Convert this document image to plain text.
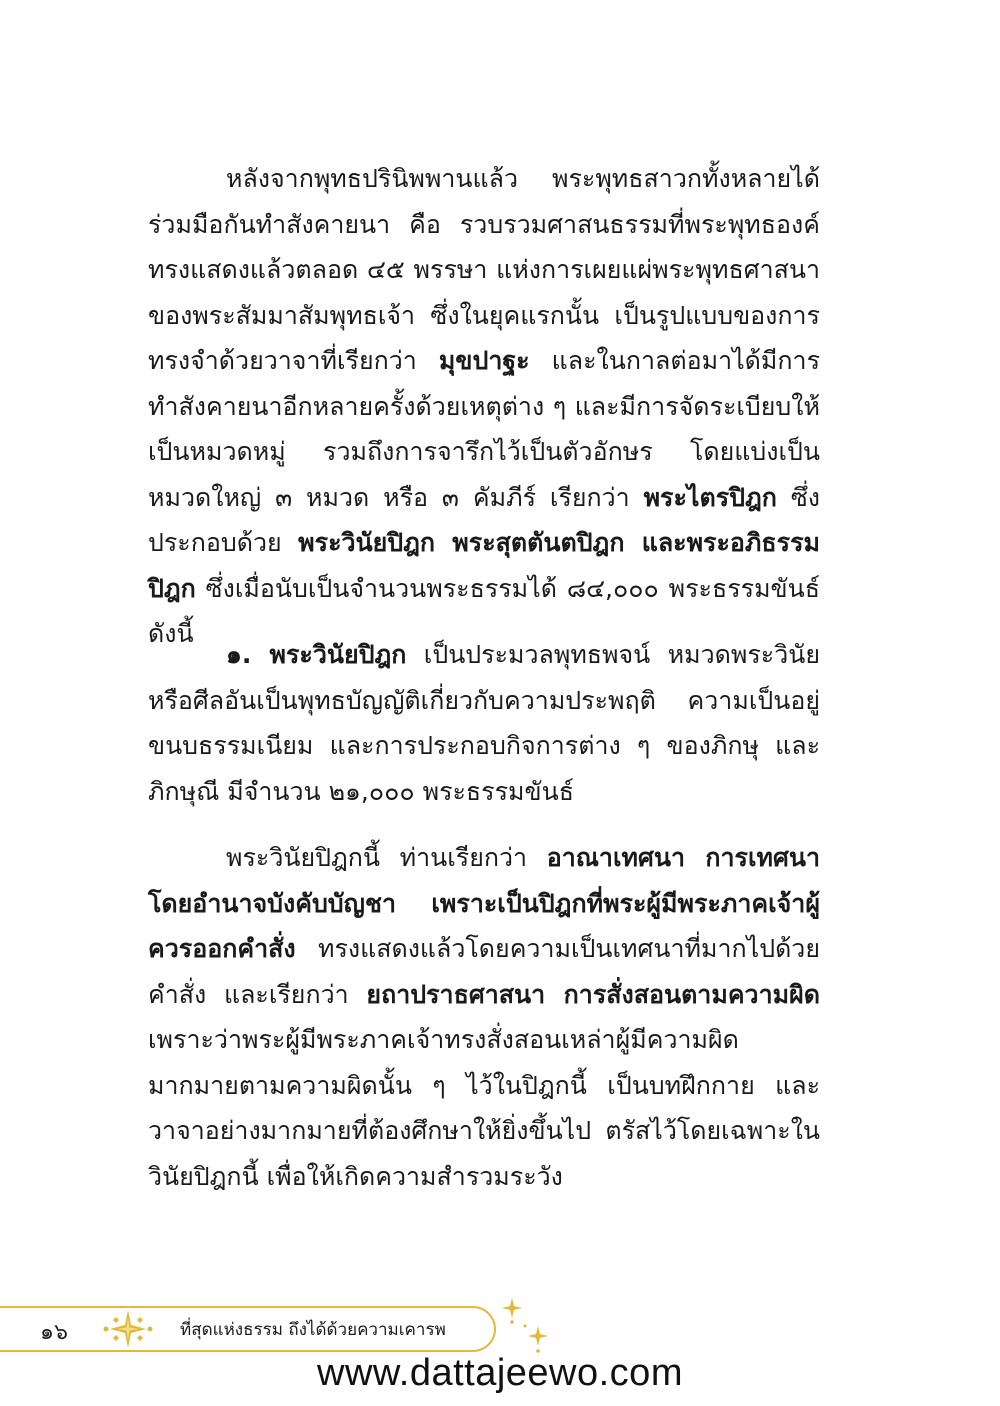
หลังจากพุทธปรินิพพานแล้ว พระพุทธสาวกทั้งหลายได้ร่วมมือกันทำสังคายนา คือ รวบรวมศาสนธรรมที่พระพุทธองค์ทรงแสดงแล้วตลอด ๔๕ พรรษา แห่งการเผยแผ่พระพุทธศาสนาของพระสัมมาสัมพุทธเจ้า ซึ่งในยุคแรกนั้น เป็นรูปแบบของการทรงจำด้วยวาจาที่เรียกว่า มุขปาฐะ และในกาลต่อมาได้มีการทำสังคายนาอีกหลายครั้งด้วยเหตุต่าง ๆ และมีการจัดระเบียบให้เป็นหมวดหมู่ รวมถึงการจารึกไว้เป็นตัวอักษร โดยแบ่งเป็นหมวดใหญ่ ๓ หมวด หรือ ๓ คัมภีร์ เรียกว่า พระไตรปิฎก ซึ่งประกอบด้วย พระวินัยปิฎก พระสุตตันตปิฎก และพระอภิธรรมปิฎก ซึ่งเมื่อนับเป็นจำนวนพระธรรมได้ ๘๔,๐๐๐ พระธรรมขันธ์ ดังนี้

๑. พระวินัยปิฎก เป็นประมวลพุทธพจน์ หมวดพระวินัยหรือศีลอันเป็นพุทธบัญญัติเกี่ยวกับความประพฤติ ความเป็นอยู่ ขนบธรรมเนียม และการประกอบกิจการต่าง ๆ ของภิกษุ และภิกษุณี มีจำนวน ๒๑,๐๐๐ พระธรรมขันธ์

พระวินัยปิฎกนี้ ท่านเรียกว่า อาณาเทศนา การเทศนาโดยอำนาจบังคับบัญชา เพราะเป็นปิฎกที่พระผู้มีพระภาคเจ้าผู้ควรออกคำสั่ง ทรงแสดงแล้วโดยความเป็นเทศนาที่มากไปด้วยคำสั่ง และเรียกว่า ยถาปราธศาสนา การสั่งสอนตามความผิด เพราะว่าพระผู้มีพระภาคเจ้าทรงสั่งสอนเหล่าผู้มีความผิดมากมายตามความผิดนั้น ๆ ไว้ในปิฎกนี้ เป็นบทฝึกกาย และวาจาอย่างมากมายที่ต้องศึกษาให้ยิ่งขึ้นไป ตรัสไว้โดยเฉพาะในวินัยปิฎกนี้ เพื่อให้เกิดความสำรวมระวัง

๑๖	ที่สุดแห่งธรรม ถึงได้ด้วยความเคารพ
www.dattajeewo.com
